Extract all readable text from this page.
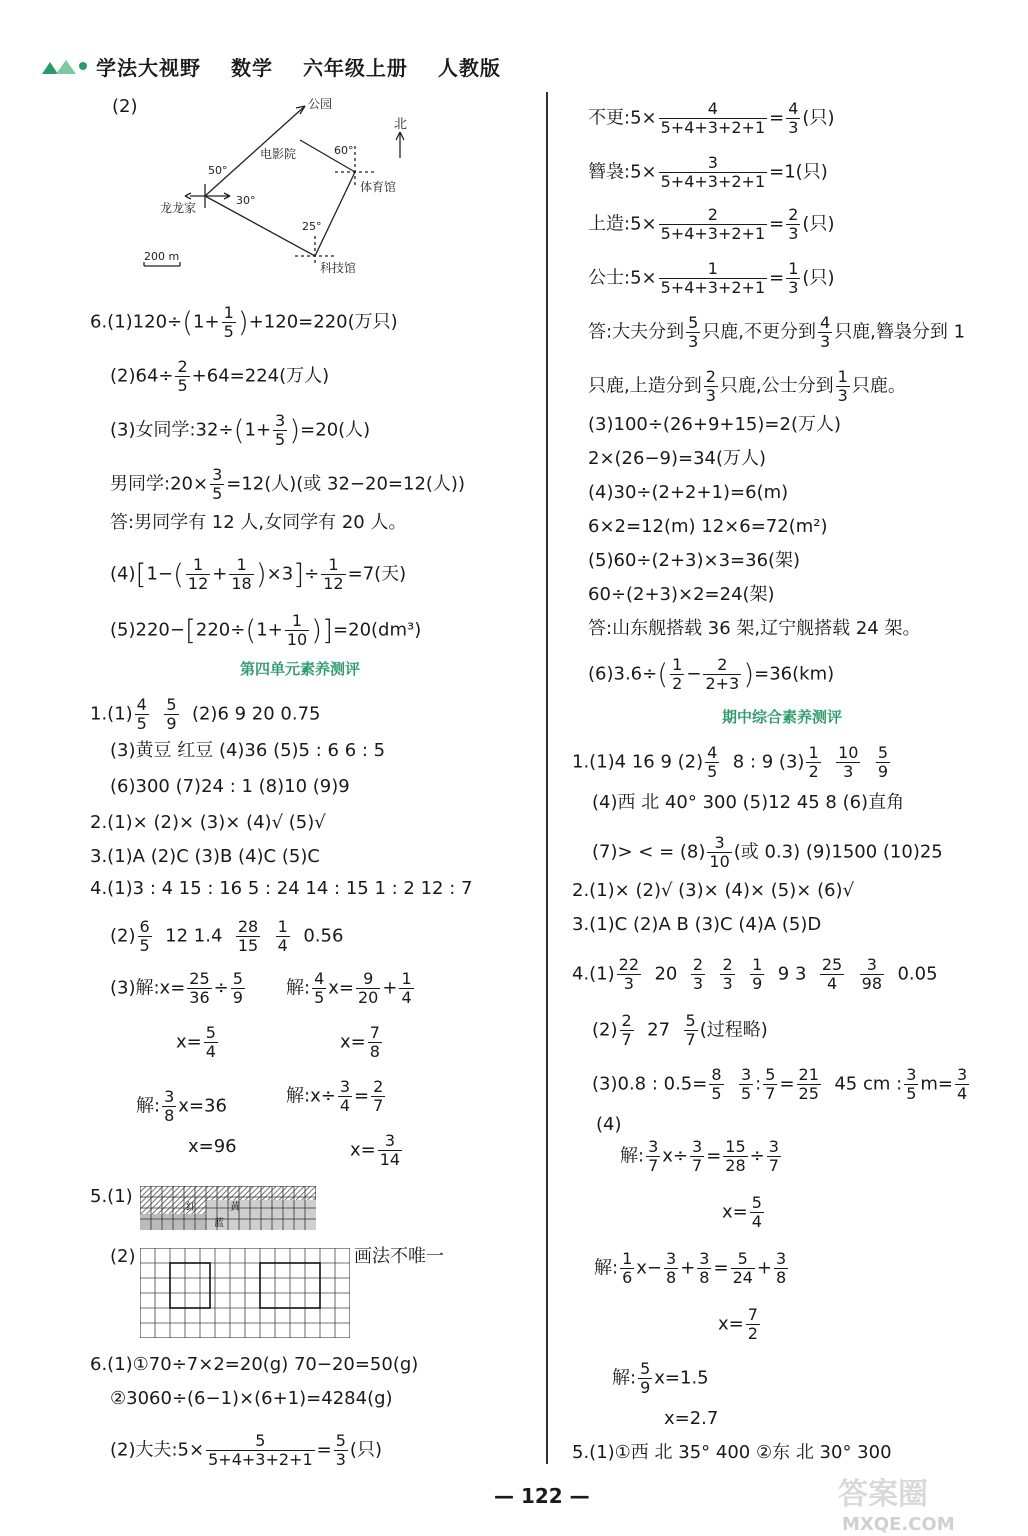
学法大视野 数学 六年级上册 人教版
(2)	公园
电影院
体育馆
龙龙家
科技馆
北
60°
50°
30°
25°
200 m
$6.(1)120\div(1+ \frac{1}{5} )+120=220$(万只)
$(2)64\div \frac{2}{5} +64=224$(万人)
(3)女同学:32÷(1+ $\frac{3}{5} )=20$(人)
男同学:20× $\frac{3}{5} =12$(人)(或 32−20=12(人))
答:男同学有 12 人,女同学有 20 人。
$(4)[1-( \frac{1}{12} + \frac{1}{18} )\times 3]\div \frac{1}{12} =7$(天)
$(5)220-[220\div(1+ \frac{1}{10} )]=20(dm^3)$
第四单元素养测评
$1.(1) \frac{4}{5}$
$\frac{5}{9} (2)6$ 9 20 0.75
(3)黄豆 红豆 (4)36 (5)5 : 6 6 : 5
(6)300 (7)24 : 1 (8)10 (9)9
2.(1)× (2)× (3)× (4)√ (5)√
3.(1)A (2)C (3)B (4)C (5)C
4.(1)3 : 4 15 : 16 5 : 24 14 : 15 1 : 2 12 : 7
$(2) \frac{6}{5} 12$ $1.4 \frac{28}{15}$
$\frac{1}{4} 0.56$
(3)解:x= $\frac{25}{36} \div \frac{5}{9}$ 解: $\frac{4}{5} x= \frac{9}{20} + \frac{1}{4}$
$x= \frac{5}{4}$	$x= \frac{7}{8}$
解: $\frac{3}{8} x=36$	解:x÷ $\frac{3}{4} = \frac{2}{7}$
x=96	$x= \frac{3}{14}$
5.(1)
红	黄
蓝
(2)	画法不唯一
6.(1)①70÷7×2=20(g) 70−20=50(g)
②3060÷(6−1)×(6+1)=4284(g)
(2)大夫:5× $\frac{5}{5+4+3+2+1} = \frac{5}{3}$ (只)
不更:5× $\frac{4}{5+4+3+2+1} = \frac{4}{3}$ (只)
簪袅:5× $\frac{3}{5+4+3+2+1} =1$(只)
上造:5× $\frac{2}{5+4+3+2+1} = \frac{2}{3}$ (只)
公士:5× $\frac{1}{5+4+3+2+1} = \frac{1}{3}$ (只)
答:大夫分到 $\frac{5}{3}$ 只鹿,不更分到 $\frac{4}{3}$ 只鹿,簪袅分到 1
只鹿,上造分到 $\frac{2}{3}$ 只鹿,公士分到 $\frac{1}{3}$ 只鹿。
(3)100÷(26+9+15)=2(万人)
2×(26−9)=34(万人)
(4)30÷(2+2+1)=6(m)
6×2=12(m) 12×6=72(m²)
(5)60÷(2+3)×3=36(架)
60÷(2+3)×2=24(架)
答:山东舰搭载 36 架,辽宁舰搭载 24 架。
$(6)3.6\div( \frac{1}{2} - \frac{2}{2+3} )=36(km)$
期中综合素养测评
1.(1)4 16 9 $(2) \frac{4}{5} 8$ : 9 $(3) \frac{1}{2}$
$\frac{10}{3}$
$\frac{5}{9}$
(4)西 北 40° 300 (5)12 45 8 (6)直角
(7)> < = $(8) \frac{3}{10}$ (或 0.3) (9)1500 (10)25
2.(1)× (2)√ (3)× (4)× (5)× (6)√
3.(1)C (2)A B (3)C (4)A (5)D
$4.(1) \frac{22}{3} 20 \frac{2}{3}$
$\frac{2}{3}$
$\frac{1}{9} 9$ $3 \frac{25}{4}$
$\frac{3}{98} 0.05$
$(2) \frac{2}{7} 27 \frac{5}{7}$ (过程略)
(3)0.8 : $0.5= \frac{8}{5}$
$\frac{3}{5}$ : $\frac{5}{7} = \frac{21}{25} 45$ cm : $\frac{3}{5} m= \frac{3}{4}$
(4)
解: $\frac{3}{7} x\div \frac{3}{7} = \frac{15}{28} \div \frac{3}{7}$
$x= \frac{5}{4}$
解: $\frac{1}{6} x- \frac{3}{8} + \frac{3}{8} = \frac{5}{24} + \frac{3}{8}$
$x= \frac{7}{2}$
解: $\frac{5}{9} x=1.5$
x=2.7
5.(1)①西 北 35° 400 ②东 北 30° 300
— 122 —	答案圈
MXQE.COM
